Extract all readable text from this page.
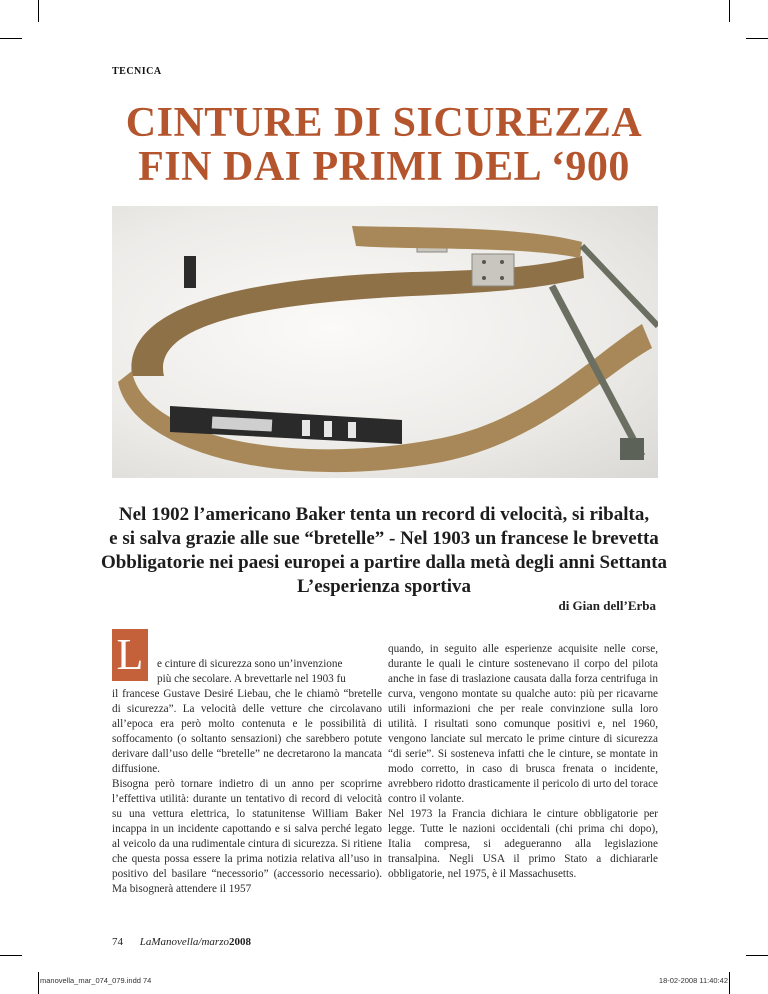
TECNICA
CINTURE DI SICUREZZA
FIN DAI PRIMI DEL ‘900
Nel 1902 l’americano Baker tenta un record di velocità, si ribalta,
e si salva grazie alle sue “bretelle” - Nel 1903 un francese le brevetta
Obbligatorie nei paesi europei a partire dalla metà degli anni Settanta
L’esperienza sportiva
di Gian dell’Erba
L	e cinture di sicurezza sono un’invenzione

più che secolare. A brevettarle nel 1903 fu

il francese Gustave Desiré Liebau, che le chiamò “bretelle di sicurezza”. La velocità delle vetture che circolavano all’epoca era però molto contenuta e le possibilità di soffocamento (o soltanto sensazioni) che sarebbero potute derivare dall’uso delle “bretelle” ne decretarono la mancata diffusione.

Bisogna però tornare indietro di un anno per scoprirne l’effettiva utilità: durante un tentativo di record di velocità su una vettura elettrica, lo statunitense William Baker incappa in un incidente capottando e si salva perché legato al veicolo da una rudimentale cintura di sicurezza. Si ritiene che questa possa essere la prima notizia relativa all’uso in positivo del basilare “necessorio” (accessorio necessario). Ma bisognerà attendere il 1957

quando, in seguito alle esperienze acquisite nelle corse, durante le quali le cinture sostenevano il corpo del pilota anche in fase di traslazione causata dalla forza centrifuga in curva, vengono montate su qualche auto: più per ricavarne utili informazioni che per reale convinzione sulla loro utilità. I risultati sono comunque positivi e, nel 1960, vengono lanciate sul mercato le prime cinture di sicurezza “di serie”. Si sosteneva infatti che le cinture, se montate in modo corretto, in caso di brusca frenata o incidente, avrebbero ridotto drasticamente il pericolo di urto del torace contro il volante.

Nel 1973 la Francia dichiara le cinture obbligatorie per legge. Tutte le nazioni occidentali (chi prima chi dopo), Italia compresa, si adegueranno alla legislazione transalpina. Negli USA il primo Stato a dichiararle obbligatorie, nel 1975, è il Massachusetts.

74 LaManovella/marzo2008
manovella_mar_074_079.indd 74	18-02-2008 11:40:42
